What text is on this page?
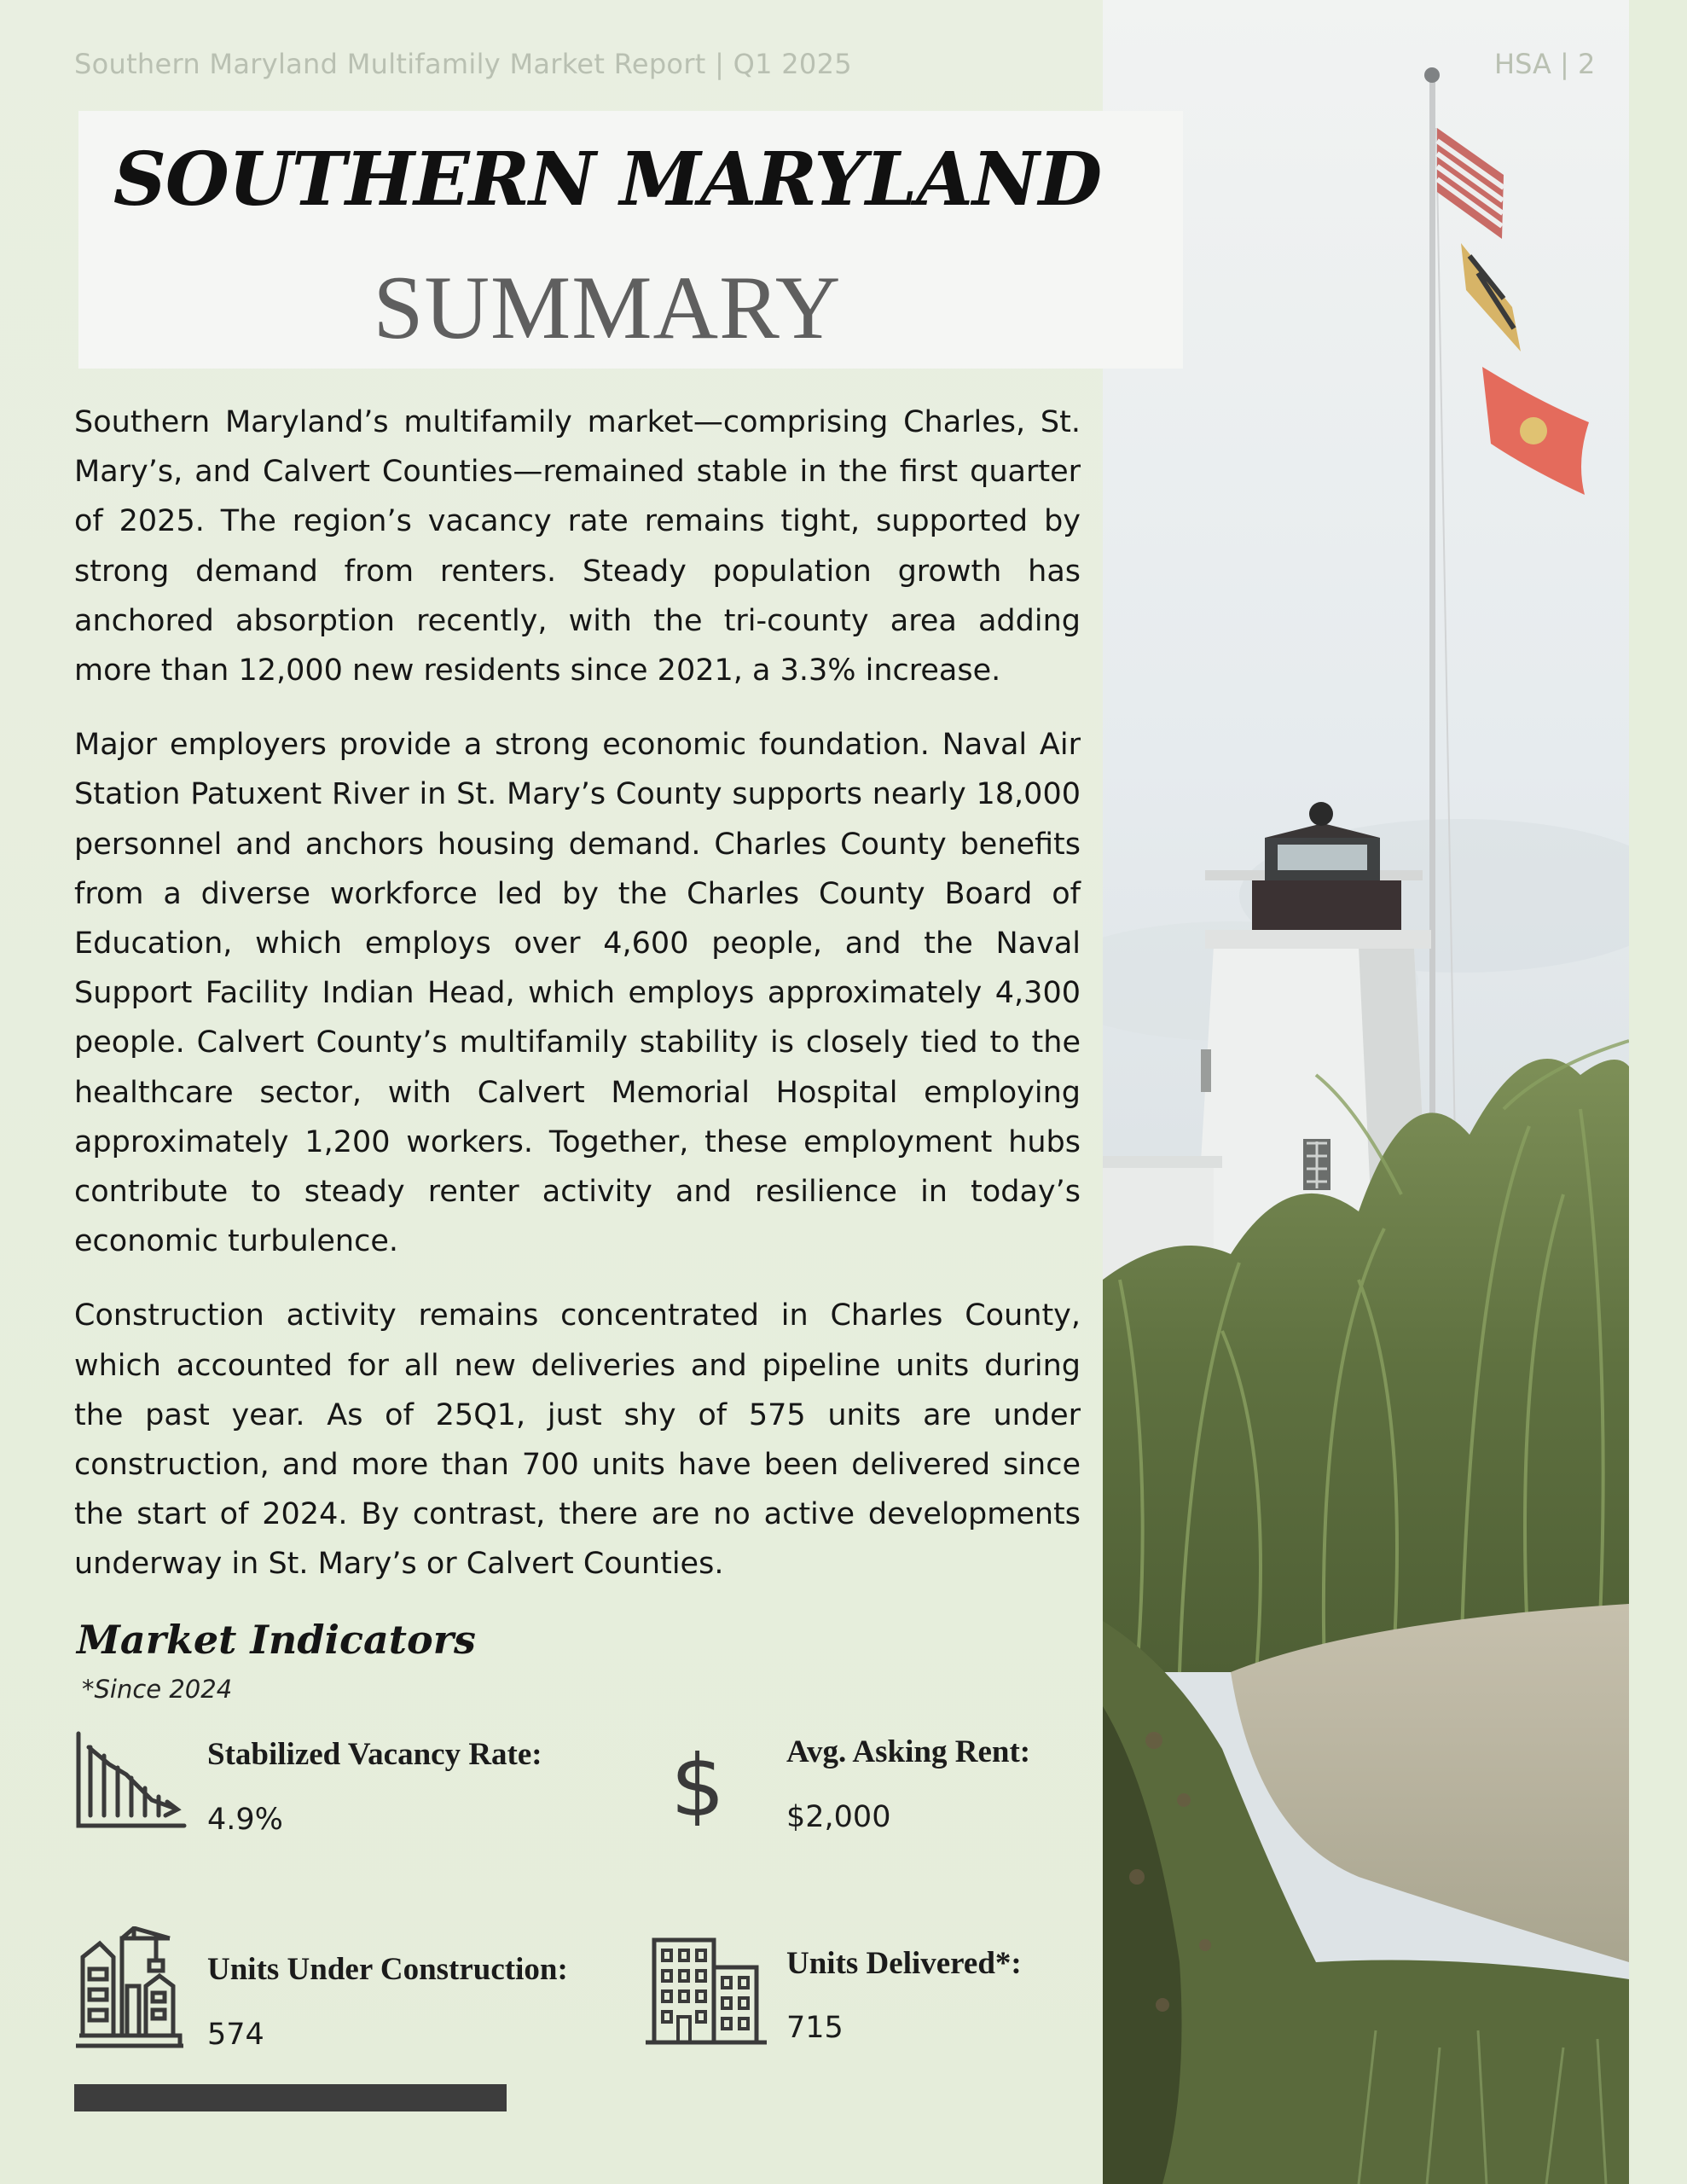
Southern Maryland Multifamily Market Report | Q1 2025	HSA | 2
SOUTHERN MARYLAND
SUMMARY

Southern Maryland’s multifamily market—comprising Charles, St. Mary’s, and Calvert Counties—remained stable in the first quarter of 2025. The region’s vacancy rate remains tight, supported by strong demand from renters. Steady population growth has anchored absorption recently, with the tri-county area adding more than 12,000 new residents since 2021, a 3.3% increase.

Major employers provide a strong economic foundation. Naval Air Station Patuxent River in St. Mary’s County supports nearly 18,000 personnel and anchors housing demand. Charles County benefits from a diverse workforce led by the Charles County Board of Education, which employs over 4,600 people, and the Naval Support Facility Indian Head, which employs approximately 4,300 people. Calvert County’s multifamily stability is closely tied to the healthcare sector, with Calvert Memorial Hospital employing approximately 1,200 workers. Together, these employment hubs contribute to steady renter activity and resilience in today’s economic turbulence.

Construction activity remains concentrated in Charles County, which accounted for all new deliveries and pipeline units during the past year. As of 25Q1, just shy of 575 units are under construction, and more than 700 units have been delivered since the start of 2024. By contrast, there are no active developments underway in St. Mary’s or Calvert Counties.

Market Indicators
*Since 2024
Stabilized Vacancy Rate:
4.9%	$ Avg. Asking Rent:
$2,000
Units Under Construction:
574
Units Delivered*:
715
